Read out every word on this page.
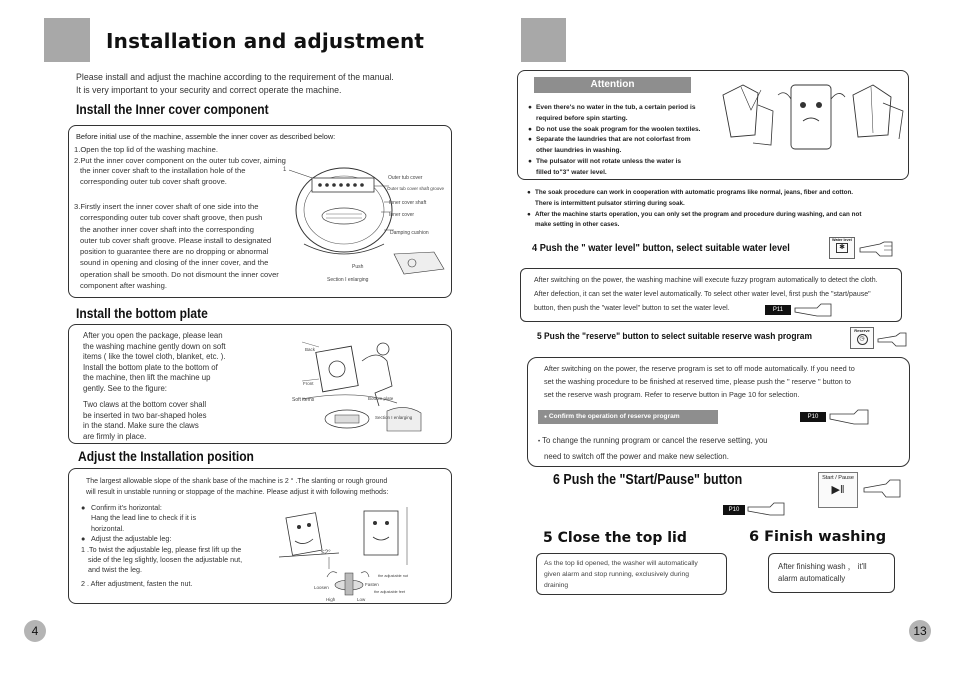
Installation and adjustment
Please install and adjust the machine according to the requirement of the manual.
It is very important to your security and correct operate the machine.
Install the Inner cover component
Before initial use of the machine, assemble the inner cover as described below:
1.Open the top lid of the washing machine.
2.Put the inner cover component on the outer tub cover, aiming
the inner cover shaft to the installation hole of the
corresponding outer tub cover shaft groove.
3.Firstly insert the inner cover shaft of one side into the
corresponding outer tub cover shaft groove, then push
the another inner cover shaft into the corresponding
outer tub cover shaft groove. Please install to designated
position to guarantee there are no dropping or abnormal
sound in opening and closing of the inner cover, and the
operation shall be smooth. Do not dismount the inner cover
component after washing.
1
Outer tub cover
Outer tub cover shaft groove
Inner cover shaft
Inner cover
Damping cushion
Push
Section I enlarging
Install the bottom plate
After you open the package, please lean
the washing machine gently down on soft
items ( like the towel cloth, blanket, etc. ).
Install the bottom plate to the bottom of
the machine, then lift the machine up
gently. See to the figure:
Two claws at the bottom cover shall
be inserted in two bar-shaped holes
in the stand. Make sure the claws
are firmly in place.
Back
Front
Soft items	Bottom plate
Section I enlarging
Adjust the Installation position
The largest allowable slope of the shank base of the machine is 2 ° .The slanting or rough ground
will result in unstable running or stoppage of the machine. Please adjust it with following methods:
● Confirm it's horizontal:
Hang the lead line to check if it is
horizontal.
● Adjust the adjustable leg:
1 .To twist the adjustable leg, please first lift up the
side of the leg slightly, loosen the adjustable nut,
and twist the leg.
2 . After adjustment, fasten the nut.
≤2°
Loosen
Fasten
the adjustable nut
the adjustable feet
High	Low
4
Attention
● Even there's no water in the tub, a certain period is
required before spin starting.
● Do not use the soak program for the woolen textiles.
● Separate the laundries that are not colorfast from
other laundries in washing.
● The pulsator will not rotate unless the water is
filled to"3" water level.
● The soak procedure can work in cooperation with automatic programs like normal, jeans, fiber and cotton.
There is intermittent pulsator stirring during soak.
● After the machine starts operation, you can only set the program and procedure during washing, and can not
make setting in other cases.
4 Push the " water level" button, select suitable water level
Water level
✱
After switching on the power, the washing machine will execute fuzzy program automatically to detect the cloth.
After defection, it can set the water level automatically. To select other water level, first push the "start/pause"
button, then push the "water level" button to set the water level.	P11
5 Push the "reserve" button to select suitable reserve wash program
Reserve
◷
After switching on the power, the reserve program is set to off mode automatically. If you need to
set the washing procedure to be finished at reserved time, please push the " reserve " button to
set the reserve wash program. Refer to reserve button in Page 10 for selection.
● Confirm the operation of reserve program	P10
• To change the running program or cancel the reserve setting, you
need to switch off the power and make new selection.
6 Push the "Start/Pause" button	Start / Pause
▶‖
P10
5 Close the top lid
As the top lid opened, the washer will automatically
given alarm and stop running, exclusively during
draining
6 Finish washing
After finishing wash ， it'll
alarm automatically
13
